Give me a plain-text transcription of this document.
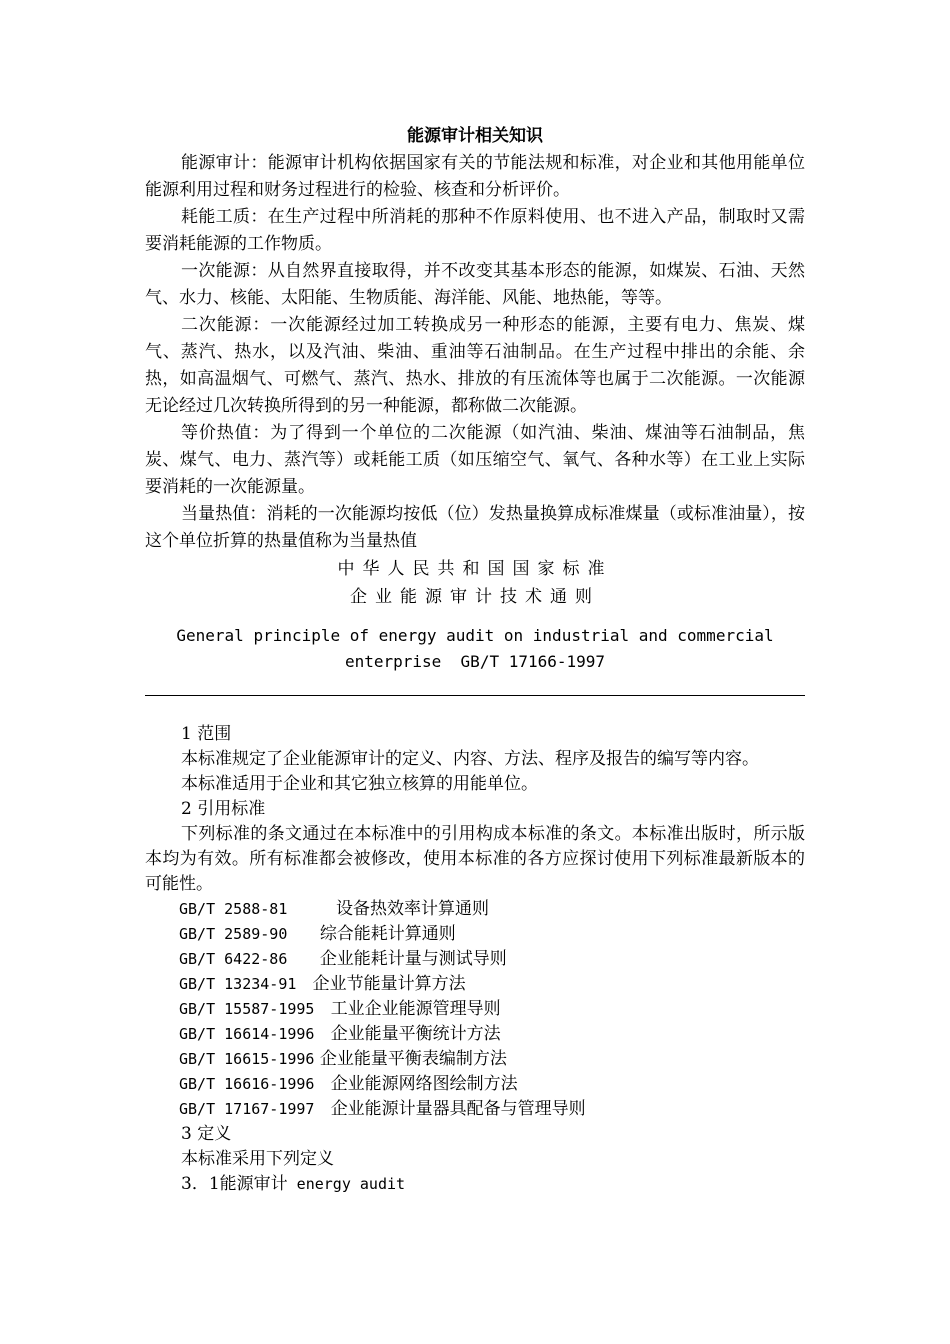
能源审计相关知识

能源审计：能源审计机构依据国家有关的节能法规和标准，对企业和其他用能单位能源利用过程和财务过程进行的检验、核查和分析评价。

耗能工质：在生产过程中所消耗的那种不作原料使用、也不进入产品，制取时又需要消耗能源的工作物质。

一次能源：从自然界直接取得，并不改变其基本形态的能源，如煤炭、石油、天然气、水力、核能、太阳能、生物质能、海洋能、风能、地热能，等等。

二次能源：一次能源经过加工转换成另一种形态的能源，主要有电力、焦炭、煤气、蒸汽、热水，以及汽油、柴油、重油等石油制品。在生产过程中排出的余能、余热，如高温烟气、可燃气、蒸汽、热水、排放的有压流体等也属于二次能源。一次能源无论经过几次转换所得到的另一种能源，都称做二次能源。

等价热值：为了得到一个单位的二次能源（如汽油、柴油、煤油等石油制品，焦炭、煤气、电力、蒸汽等）或耗能工质（如压缩空气、氧气、各种水等）在工业上实际要消耗的一次能源量。

当量热值：消耗的一次能源均按低（位）发热量换算成标准煤量（或标准油量），按这个单位折算的热量值称为当量热值

中华人民共和国国家标准
企业能源审计技术通则
General principle of energy audit on industrial and commercial
enterprise  GB/T 17166-1997
1 范围

本标准规定了企业能源审计的定义、内容、方法、程序及报告的编写等内容。

本标准适用于企业和其它独立核算的用能单位。

2 引用标准

下列标准的条文通过在本标准中的引用构成本标准的条文。本标准出版时，所示版本均为有效。所有标准都会被修改，使用本标准的各方应探讨使用下列标准最新版本的可能性。

GB/T 2588-81	设备热效率计算通则
GB/T 2589-90 综合能耗计算通则
GB/T 6422-86 企业能耗计量与测试导则
GB/T 13234-91 企业节能量计算方法
GB/T 15587-1995 工业企业能源管理导则
GB/T 16614-1996 企业能量平衡统计方法
GB/T 16615-1996 企业能量平衡表编制方法
GB/T 16616-1996 企业能源网络图绘制方法
GB/T 17167-1997 企业能源计量器具配备与管理导则
3 定义
本标准采用下列定义
3．1能源审计 energy audit
